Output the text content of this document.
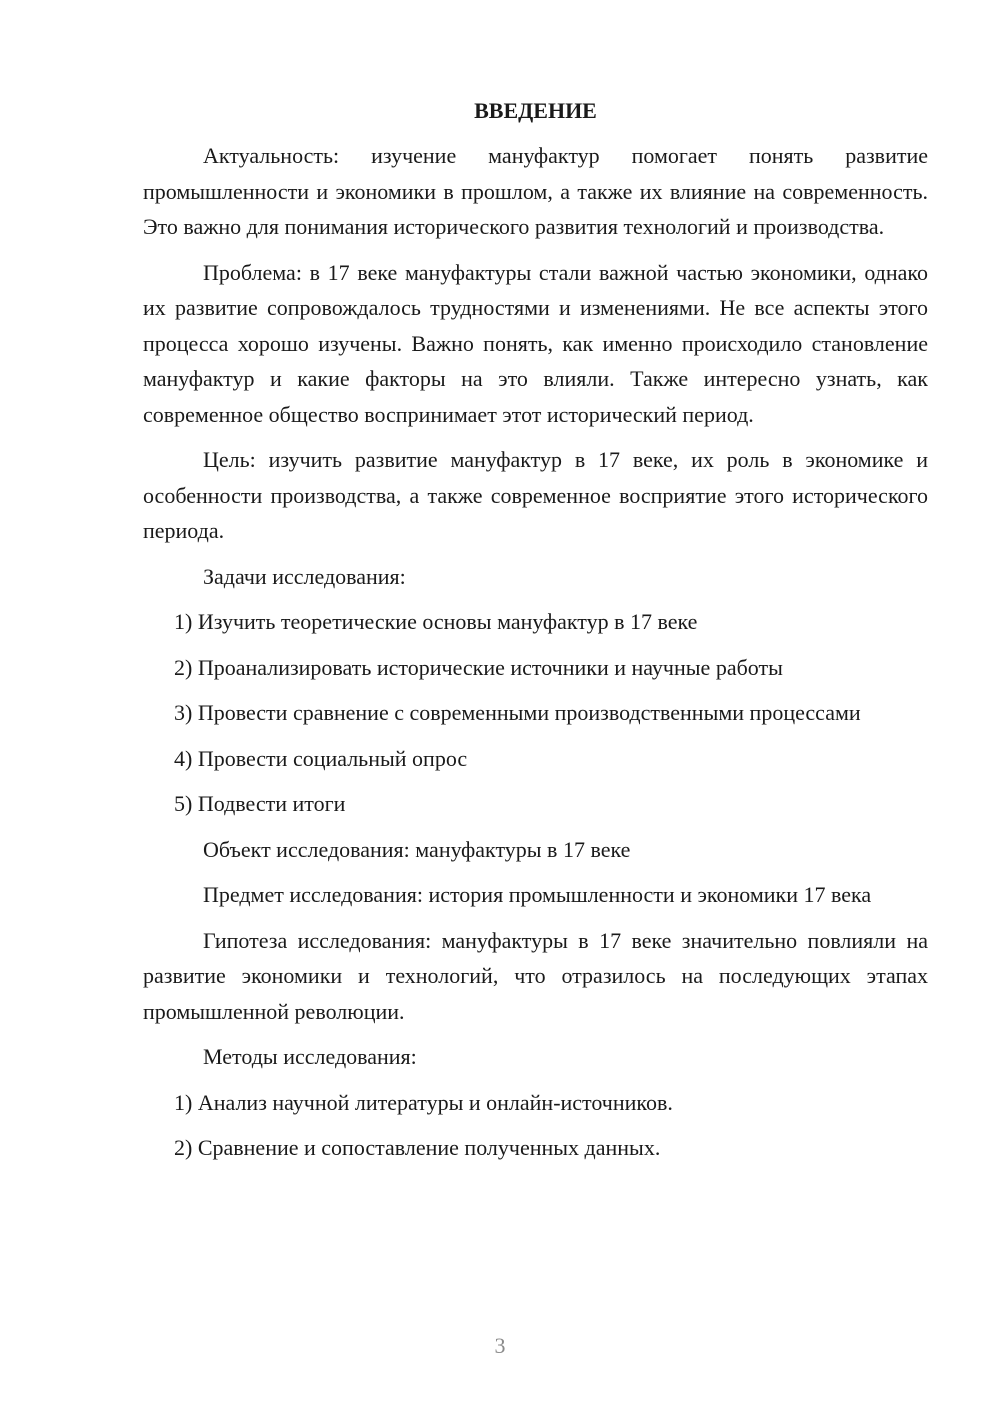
ВВЕДЕНИЕ
Актуальность: изучение мануфактур помогает понять развитие промышленности и экономики в прошлом, а также их влияние на современность. Это важно для понимания исторического развития технологий и производства.
Проблема: в 17 веке мануфактуры стали важной частью экономики, однако их развитие сопровождалось трудностями и изменениями. Не все аспекты этого процесса хорошо изучены. Важно понять, как именно происходило становление мануфактур и какие факторы на это влияли. Также интересно узнать, как современное общество воспринимает этот исторический период.
Цель: изучить развитие мануфактур в 17 веке, их роль в экономике и особенности производства, а также современное восприятие этого исторического периода.
Задачи исследования:
1) Изучить теоретические основы мануфактур в 17 веке
2) Проанализировать исторические источники и научные работы
3) Провести сравнение с современными производственными процессами
4) Провести социальный опрос
5) Подвести итоги
Объект исследования: мануфактуры в 17 веке
Предмет исследования: история промышленности и экономики 17 века
Гипотеза исследования: мануфактуры в 17 веке значительно повлияли на развитие экономики и технологий, что отразилось на последующих этапах промышленной революции.
Методы исследования:
1) Анализ научной литературы и онлайн-источников.
2) Сравнение и сопоставление полученных данных.
3
